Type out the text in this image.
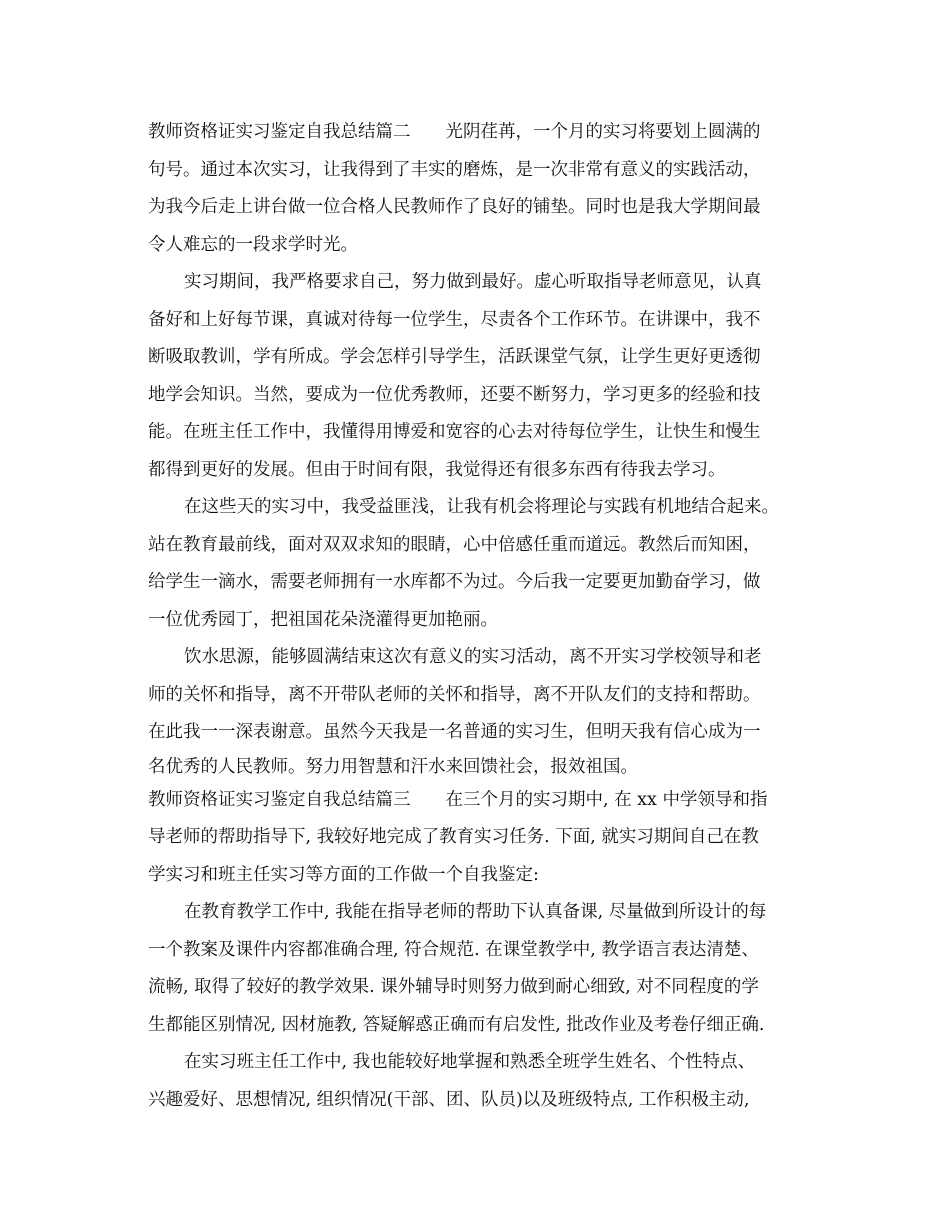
教师资格证实习鉴定自我总结篇二　　光阴荏苒，一个月的实习将要划上圆满的
句号。通过本次实习，让我得到了丰实的磨炼，是一次非常有意义的实践活动，
为我今后走上讲台做一位合格人民教师作了良好的铺垫。同时也是我大学期间最
令人难忘的一段求学时光。
实习期间，我严格要求自己，努力做到最好。虚心听取指导老师意见，认真
备好和上好每节课，真诚对待每一位学生，尽责各个工作环节。在讲课中，我不
断吸取教训，学有所成。学会怎样引导学生，活跃课堂气氛，让学生更好更透彻
地学会知识。当然，要成为一位优秀教师，还要不断努力，学习更多的经验和技
能。在班主任工作中，我懂得用博爱和宽容的心去对待每位学生，让快生和慢生
都得到更好的发展。但由于时间有限，我觉得还有很多东西有待我去学习。
在这些天的实习中，我受益匪浅，让我有机会将理论与实践有机地结合起来。
站在教育最前线，面对双双求知的眼睛，心中倍感任重而道远。教然后而知困，
给学生一滴水，需要老师拥有一水库都不为过。今后我一定要更加勤奋学习，做
一位优秀园丁，把祖国花朵浇灌得更加艳丽。
饮水思源，能够圆满结束这次有意义的实习活动，离不开实习学校领导和老
师的关怀和指导，离不开带队老师的关怀和指导，离不开队友们的支持和帮助。
在此我一一深表谢意。虽然今天我是一名普通的实习生，但明天我有信心成为一
名优秀的人民教师。努力用智慧和汗水来回馈社会，报效祖国。
教师资格证实习鉴定自我总结篇三　　在三个月的实习期中, 在 xx 中学领导和指
导老师的帮助指导下, 我较好地完成了教育实习任务. 下面, 就实习期间自己在教
学实习和班主任实习等方面的工作做一个自我鉴定:
在教育教学工作中, 我能在指导老师的帮助下认真备课, 尽量做到所设计的每
一个教案及课件内容都准确合理, 符合规范. 在课堂教学中, 教学语言表达清楚、
流畅, 取得了较好的教学效果. 课外辅导时则努力做到耐心细致, 对不同程度的学
生都能区别情况, 因材施教, 答疑解惑正确而有启发性, 批改作业及考卷仔细正确.
在实习班主任工作中, 我也能较好地掌握和熟悉全班学生姓名、个性特点、
兴趣爱好、思想情况, 组织情况(干部、团、队员)以及班级特点, 工作积极主动,
